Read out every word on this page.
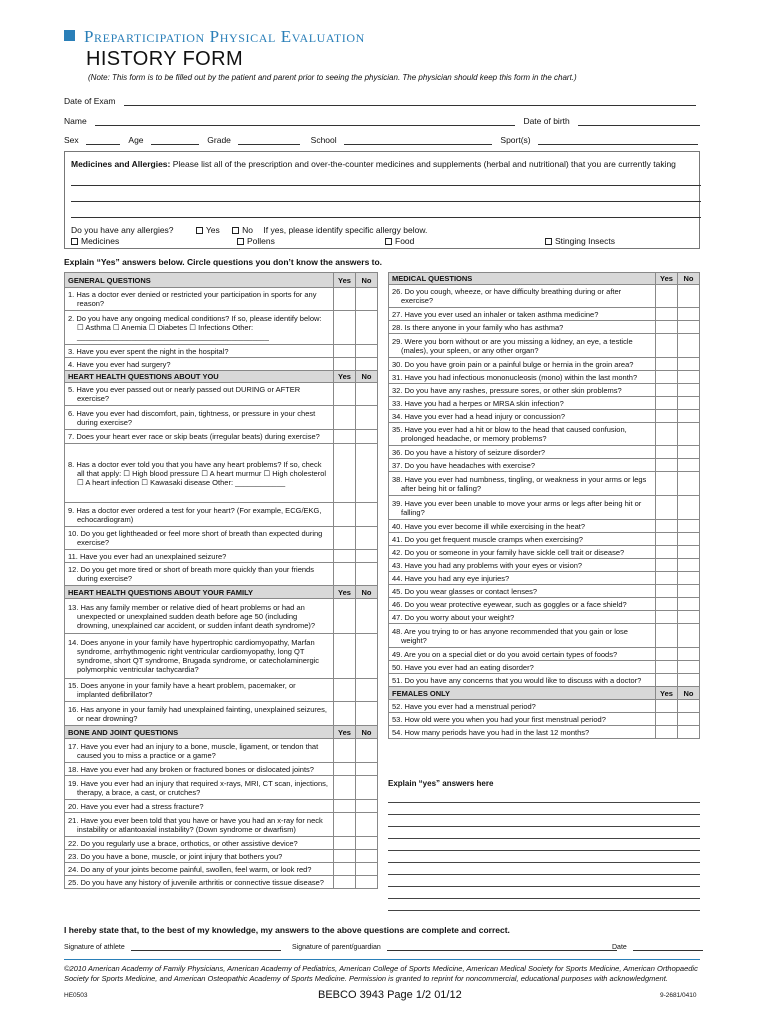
Preparticipation Physical Evaluation
HISTORY FORM
(Note: This form is to be filled out by the patient and parent prior to seeing the physician. The physician should keep this form in the chart.)
Date of Exam
Name	Date of birth
Sex	Age	Grade	School	Sport(s)
Medicines and Allergies: Please list all of the prescription and over-the-counter medicines and supplements (herbal and nutritional) that you are currently taking
Do you have any allergies?	Yes	No If yes, please identify specific allergy below.
Medicines	Pollens	Food	Stinging Insects
Explain “Yes” answers below. Circle questions you don’t know the answers to.
GENERAL QUESTIONS	Yes	No

1. Has a doctor ever denied or restricted your participation in sports for any reason?		

2. Do you have any ongoing medical conditions? If so, please identify below: ☐ Asthma ☐ Anemia ☐ Diabetes ☐ Infections Other: ______________________________________________		

3. Have you ever spent the night in the hospital?		

4. Have you ever had surgery?		

HEART HEALTH QUESTIONS ABOUT YOU	Yes	No

5. Have you ever passed out or nearly passed out DURING or AFTER exercise?		

6. Have you ever had discomfort, pain, tightness, or pressure in your chest during exercise?		

7. Does your heart ever race or skip beats (irregular beats) during exercise?		

8. Has a doctor ever told you that you have any heart problems? If so, check all that apply: ☐ High blood pressure ☐ A heart murmur ☐ High cholesterol ☐ A heart infection ☐ Kawasaki disease Other: ____________		

9. Has a doctor ever ordered a test for your heart? (For example, ECG/EKG, echocardiogram)		

10. Do you get lightheaded or feel more short of breath than expected during exercise?		

11. Have you ever had an unexplained seizure?		

12. Do you get more tired or short of breath more quickly than your friends during exercise?		

HEART HEALTH QUESTIONS ABOUT YOUR FAMILY	Yes	No

13. Has any family member or relative died of heart problems or had an unexpected or unexplained sudden death before age 50 (including drowning, unexplained car accident, or sudden infant death syndrome)?		

14. Does anyone in your family have hypertrophic cardiomyopathy, Marfan syndrome, arrhythmogenic right ventricular cardiomyopathy, long QT syndrome, short QT syndrome, Brugada syndrome, or catecholaminergic polymorphic ventricular tachycardia?		

15. Does anyone in your family have a heart problem, pacemaker, or implanted defibrillator?		

16. Has anyone in your family had unexplained fainting, unexplained seizures, or near drowning?		

BONE AND JOINT QUESTIONS	Yes	No

17. Have you ever had an injury to a bone, muscle, ligament, or tendon that caused you to miss a practice or a game?		

18. Have you ever had any broken or fractured bones or dislocated joints?		

19. Have you ever had an injury that required x-rays, MRI, CT scan, injections, therapy, a brace, a cast, or crutches?		

20. Have you ever had a stress fracture?		

21. Have you ever been told that you have or have you had an x-ray for neck instability or atlantoaxial instability? (Down syndrome or dwarfism)		

22. Do you regularly use a brace, orthotics, or other assistive device?		

23. Do you have a bone, muscle, or joint injury that bothers you?		

24. Do any of your joints become painful, swollen, feel warm, or look red?		

25. Do you have any history of juvenile arthritis or connective tissue disease?		

MEDICAL QUESTIONS	Yes	No

26. Do you cough, wheeze, or have difficulty breathing during or after exercise?		

27. Have you ever used an inhaler or taken asthma medicine?		

28. Is there anyone in your family who has asthma?		

29. Were you born without or are you missing a kidney, an eye, a testicle (males), your spleen, or any other organ?		

30. Do you have groin pain or a painful bulge or hernia in the groin area?		

31. Have you had infectious mononucleosis (mono) within the last month?		

32. Do you have any rashes, pressure sores, or other skin problems?		

33. Have you had a herpes or MRSA skin infection?		

34. Have you ever had a head injury or concussion?		

35. Have you ever had a hit or blow to the head that caused confusion, prolonged headache, or memory problems?		

36. Do you have a history of seizure disorder?		

37. Do you have headaches with exercise?		

38. Have you ever had numbness, tingling, or weakness in your arms or legs after being hit or falling?		

39. Have you ever been unable to move your arms or legs after being hit or falling?		

40. Have you ever become ill while exercising in the heat?		

41. Do you get frequent muscle cramps when exercising?		

42. Do you or someone in your family have sickle cell trait or disease?		

43. Have you had any problems with your eyes or vision?		

44. Have you had any eye injuries?		

45. Do you wear glasses or contact lenses?		

46. Do you wear protective eyewear, such as goggles or a face shield?		

47. Do you worry about your weight?		

48. Are you trying to or has anyone recommended that you gain or lose weight?		

49. Are you on a special diet or do you avoid certain types of foods?		

50. Have you ever had an eating disorder?		

51. Do you have any concerns that you would like to discuss with a doctor?		

FEMALES ONLY	Yes	No

52. Have you ever had a menstrual period?		

53. How old were you when you had your first menstrual period?		

54. How many periods have you had in the last 12 months?		

Explain “yes” answers here
I hereby state that, to the best of my knowledge, my answers to the above questions are complete and correct.
Signature of athlete	Signature of parent/guardian	Date
©2010 American Academy of Family Physicians, American Academy of Pediatrics, American College of Sports Medicine, American Medical Society for Sports Medicine, American Orthopaedic Society for Sports Medicine, and American Osteopathic Academy of Sports Medicine. Permission is granted to reprint for noncommercial, educational purposes with acknowledgment.
HE0503	9-2681/0410
BEBCO 3943 Page 1/2 01/12
